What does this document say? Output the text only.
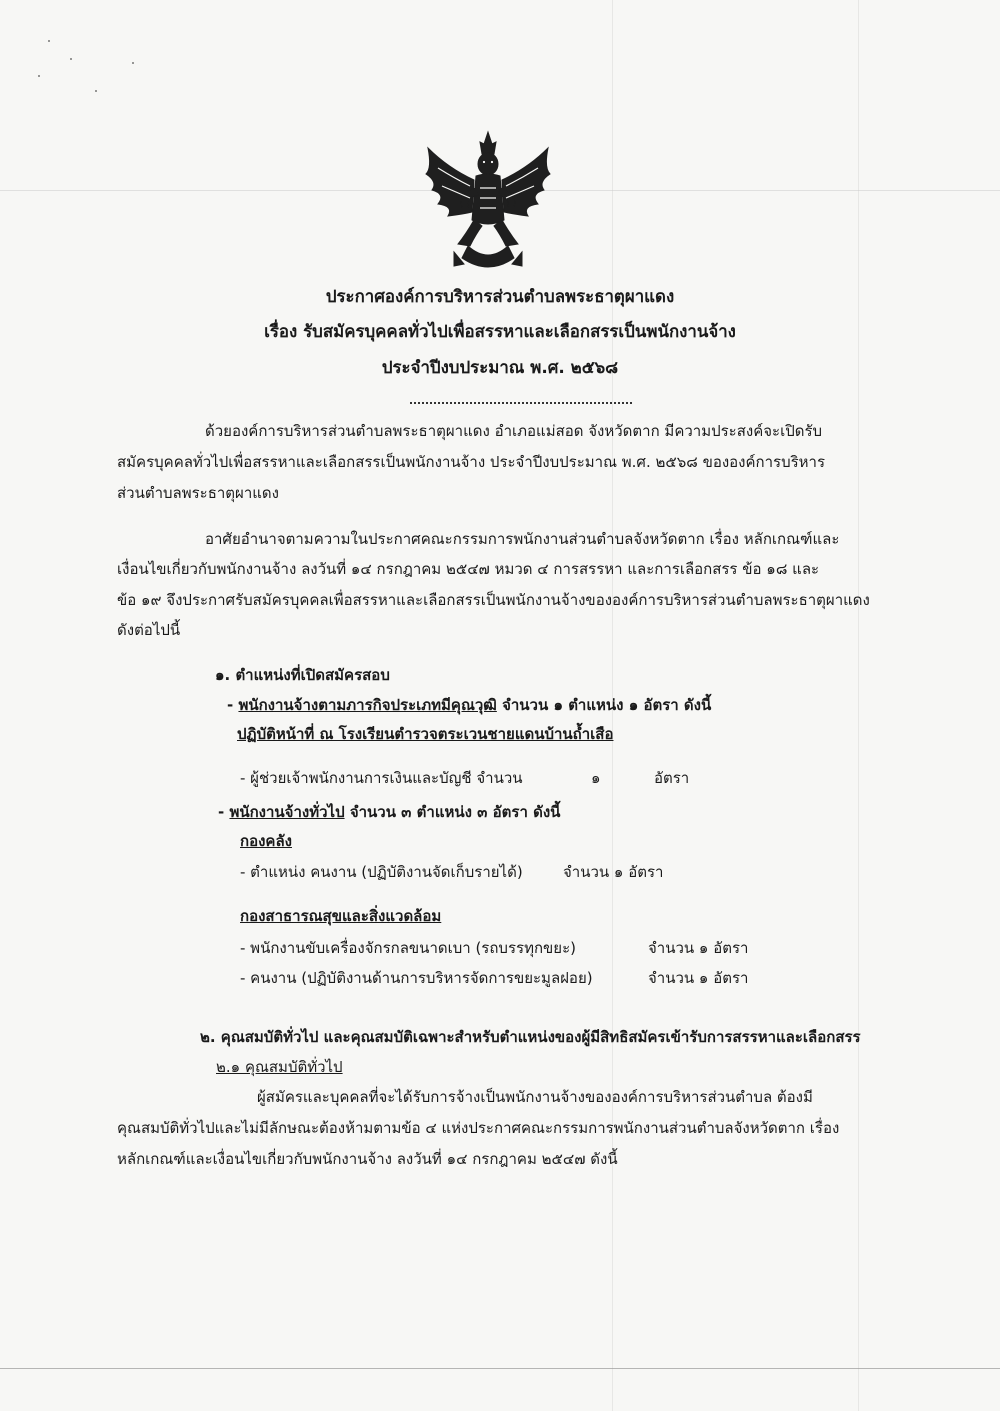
ประกาศองค์การบริหารส่วนตำบลพระธาตุผาแดง
เรื่อง รับสมัครบุคคลทั่วไปเพื่อสรรหาและเลือกสรรเป็นพนักงานจ้าง
ประจำปีงบประมาณ พ.ศ. ๒๕๖๘
ด้วยองค์การบริหารส่วนตำบลพระธาตุผาแดง อำเภอแม่สอด จังหวัดตาก มีความประสงค์จะเปิดรับ
สมัครบุคคลทั่วไปเพื่อสรรหาและเลือกสรรเป็นพนักงานจ้าง ประจำปีงบประมาณ พ.ศ. ๒๕๖๘ ขององค์การบริหาร
ส่วนตำบลพระธาตุผาแดง
อาศัยอำนาจตามความในประกาศคณะกรรมการพนักงานส่วนตำบลจังหวัดตาก เรื่อง หลักเกณฑ์และ
เงื่อนไขเกี่ยวกับพนักงานจ้าง ลงวันที่ ๑๔ กรกฎาคม ๒๕๔๗ หมวด ๔ การสรรหา และการเลือกสรร ข้อ ๑๘ และ
ข้อ ๑๙ จึงประกาศรับสมัครบุคคลเพื่อสรรหาและเลือกสรรเป็นพนักงานจ้างขององค์การบริหารส่วนตำบลพระธาตุผาแดง
ดังต่อไปนี้
๑. ตำแหน่งที่เปิดสมัครสอบ
- พนักงานจ้างตามภารกิจประเภทมีคุณวุฒิ จำนวน ๑ ตำแหน่ง ๑ อัตรา ดังนี้
ปฏิบัติหน้าที่ ณ โรงเรียนตำรวจตระเวนชายแดนบ้านถ้ำเสือ
- ผู้ช่วยเจ้าพนักงานการเงินและบัญชี จำนวน	๑	อัตรา
- พนักงานจ้างทั่วไป จำนวน ๓ ตำแหน่ง ๓ อัตรา ดังนี้
กองคลัง
- ตำแหน่ง คนงาน (ปฏิบัติงานจัดเก็บรายได้)	จำนวน ๑ อัตรา
กองสาธารณสุขและสิ่งแวดล้อม
- พนักงานขับเครื่องจักรกลขนาดเบา (รถบรรทุกขยะ)	จำนวน ๑ อัตรา
- คนงาน (ปฏิบัติงานด้านการบริหารจัดการขยะมูลฝอย)	จำนวน ๑ อัตรา
๒. คุณสมบัติทั่วไป และคุณสมบัติเฉพาะสำหรับตำแหน่งของผู้มีสิทธิสมัครเข้ารับการสรรหาและเลือกสรร
๒.๑ คุณสมบัติทั่วไป
ผู้สมัครและบุคคลที่จะได้รับการจ้างเป็นพนักงานจ้างขององค์การบริหารส่วนตำบล ต้องมี
คุณสมบัติทั่วไปและไม่มีลักษณะต้องห้ามตามข้อ ๔ แห่งประกาศคณะกรรมการพนักงานส่วนตำบลจังหวัดตาก เรื่อง
หลักเกณฑ์และเงื่อนไขเกี่ยวกับพนักงานจ้าง ลงวันที่ ๑๔ กรกฎาคม ๒๕๔๗ ดังนี้
